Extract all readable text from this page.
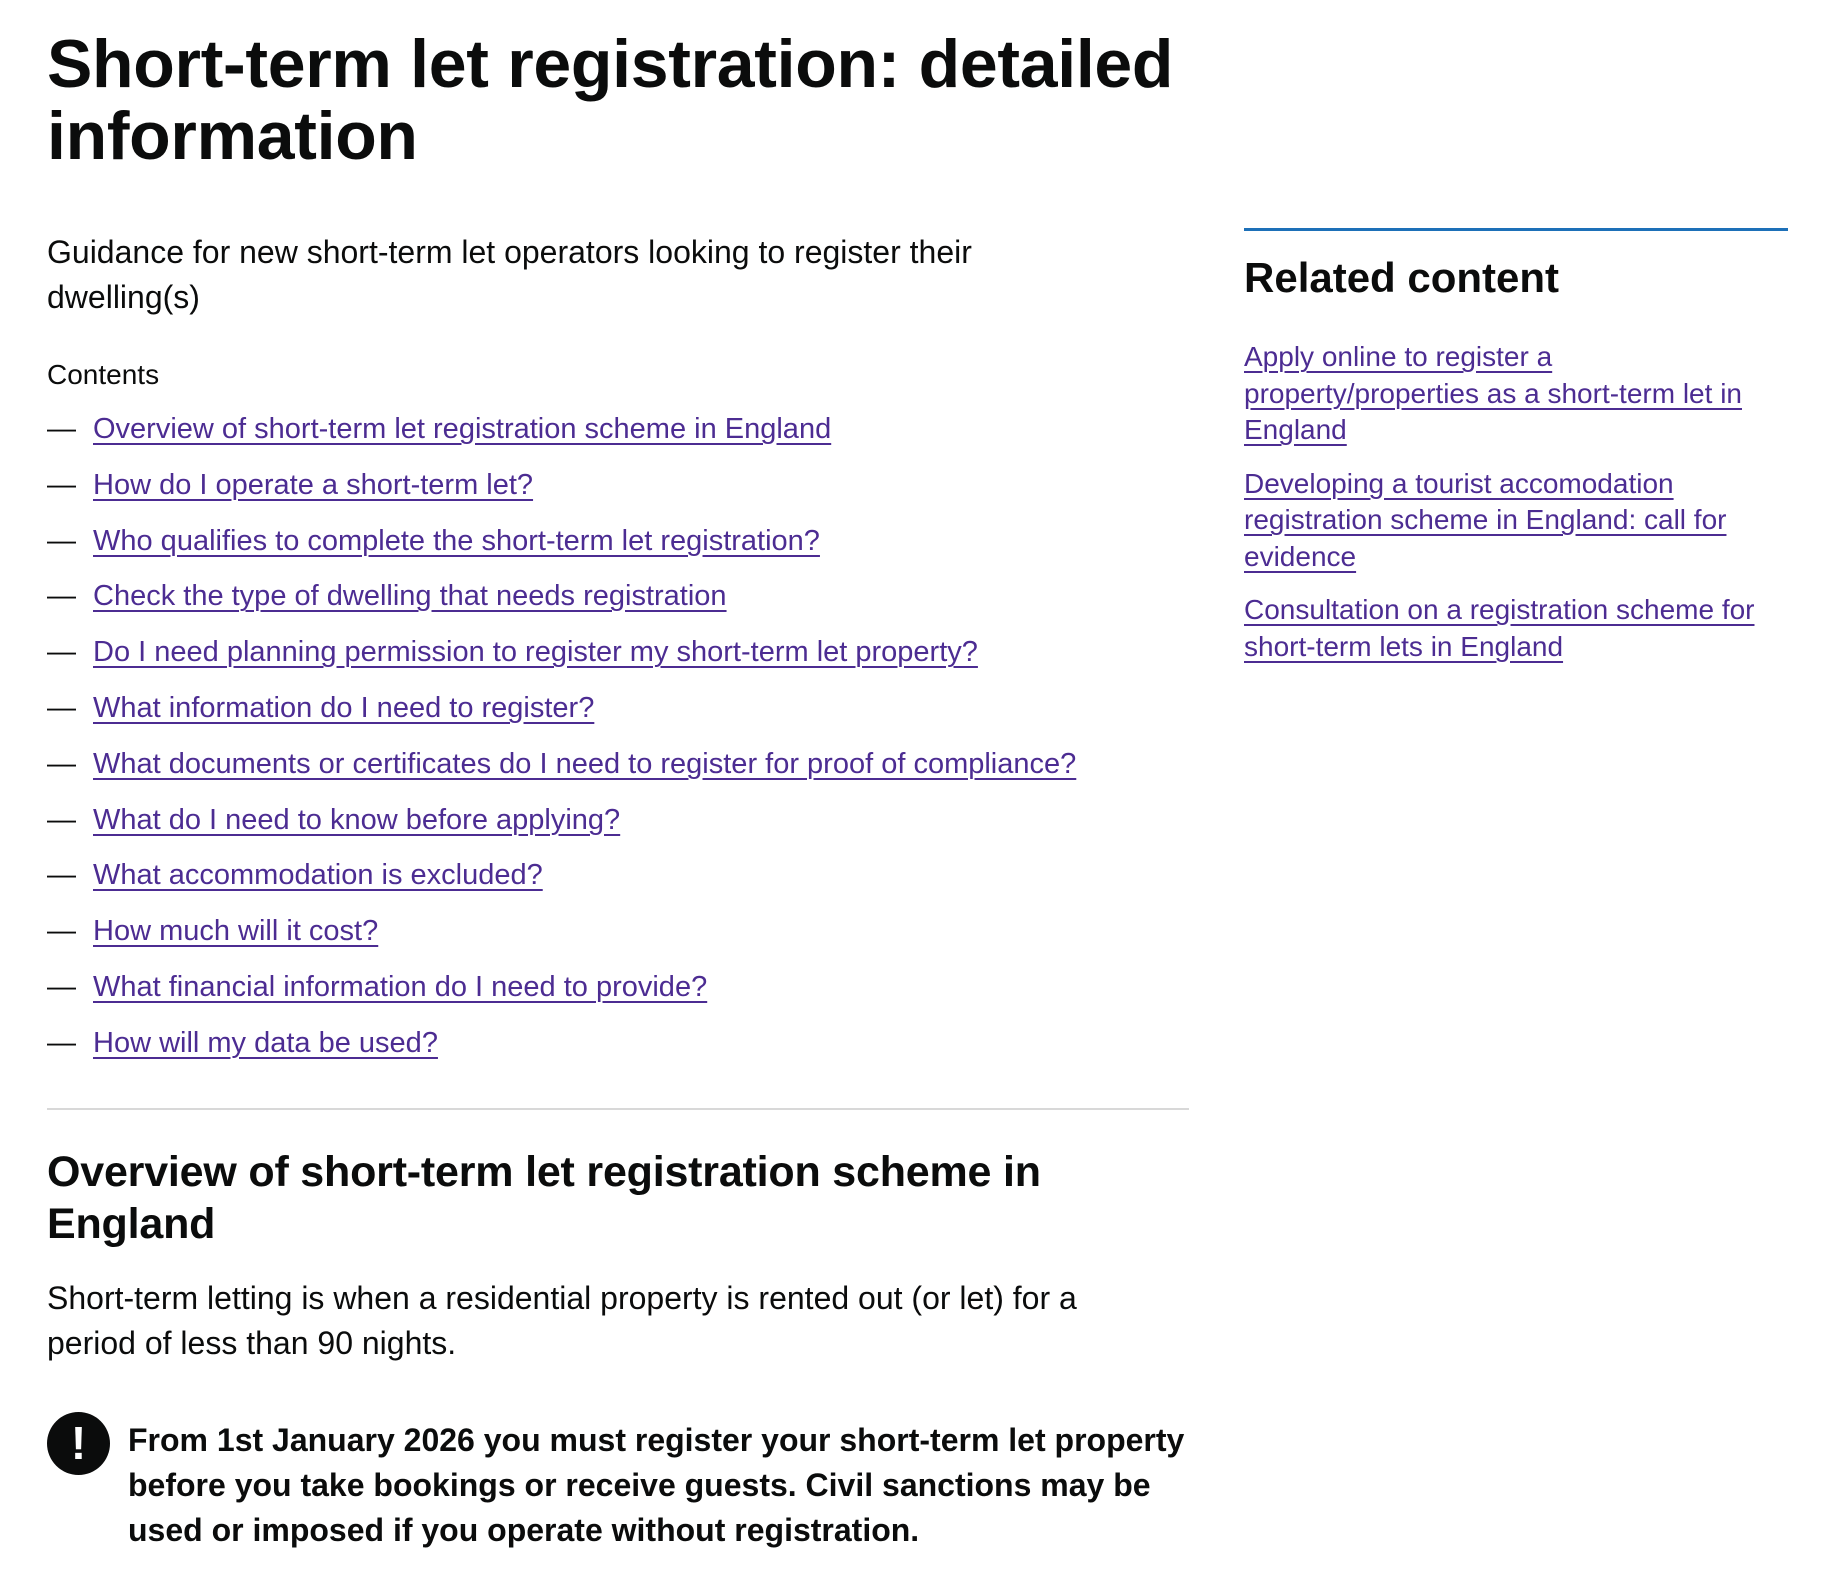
Short-term let registration: detailed information

Guidance for new short-term let operators looking to register their dwelling(s)

Contents

— Overview of short-term let registration scheme in England
— How do I operate a short-term let?
— Who qualifies to complete the short-term let registration?
— Check the type of dwelling that needs registration
— Do I need planning permission to register my short-term let property?
— What information do I need to register?
— What documents or certificates do I need to register for proof of compliance?
— What do I need to know before applying?
— What accommodation is excluded?
— How much will it cost?
— What financial information do I need to provide?
— How will my data be used?
Overview of short-term let registration scheme in England

Short-term letting is when a residential property is rented out (or let) for a period of less than 90 nights.

!	From 1st January 2026 you must register your short-term let property before you take bookings or receive guests. Civil sanctions may be used or imposed if you operate without registration.

Related content
Apply online to register a property/properties as a short-term let in England
Developing a tourist accomodation registration scheme in England: call for evidence
Consultation on a registration scheme for short-term lets in England
